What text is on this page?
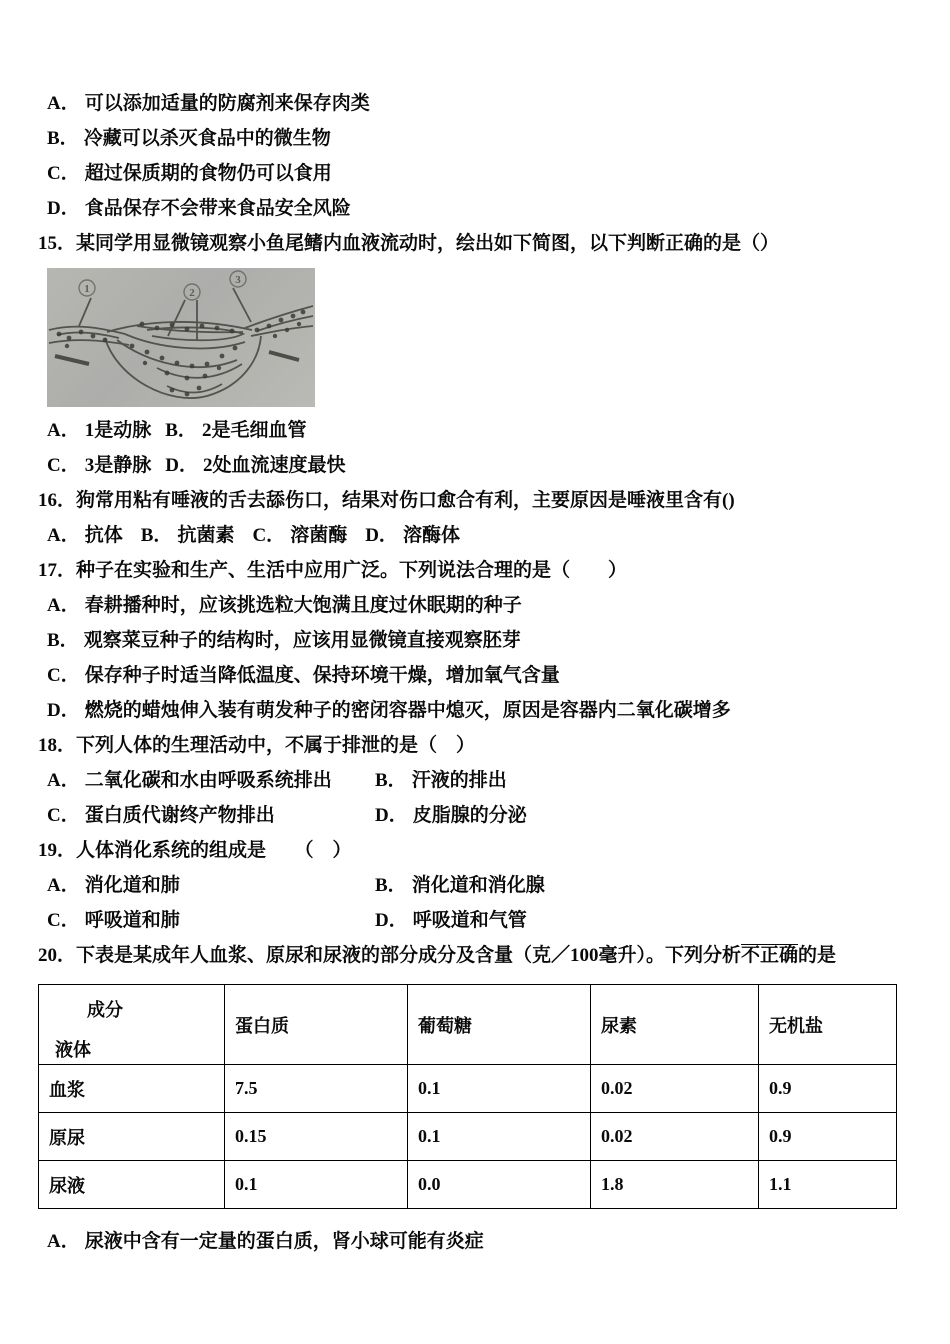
A． 可以添加适量的防腐剂来保存肉类

B． 冷藏可以杀灭食品中的微生物

C． 超过保质期的食物仍可以食用

D． 食品保存不会带来食品安全风险

15．某同学用显微镜观察小鱼尾鳍内血液流动时，绘出如下简图，以下判断正确的是（）

1	2
3

A． 1是动脉 B． 2是毛细血管

C． 3是静脉 D． 2处血流速度最快

16．狗常用粘有唾液的舌去舔伤口，结果对伤口愈合有利，主要原因是唾液里含有()

A． 抗体 B． 抗菌素 C． 溶菌酶 D． 溶酶体

17．种子在实验和生产、生活中应用广泛。下列说法合理的是（　　）

A． 春耕播种时，应该挑选粒大饱满且度过休眠期的种子

B． 观察菜豆种子的结构时，应该用显微镜直接观察胚芽

C． 保存种子时适当降低温度、保持环境干燥，增加氧气含量

D． 燃烧的蜡烛伸入装有萌发种子的密闭容器中熄灭，原因是容器内二氧化碳增多

18．下列人体的生理活动中，不属于排泄的是（　）

A． 二氧化碳和水由呼吸系统排出	B． 汗液的排出
C． 蛋白质代谢终产物排出	D． 皮脂腺的分泌

19．人体消化系统的组成是　　（　）

A． 消化道和肺	B． 消化道和消化腺
C． 呼吸道和肺	D． 呼吸道和气管

20．下表是某成年人血浆、原尿和尿液的部分成分及含量（克／100毫升）。下列分析不正确的是

成分
液体	蛋白质	葡萄糖	尿素	无机盐
血浆	7.5	0.1	0.02	0.9
原尿	0.15	0.1	0.02	0.9
尿液	0.1	0.0	1.8	1.1

A． 尿液中含有一定量的蛋白质，肾小球可能有炎症
